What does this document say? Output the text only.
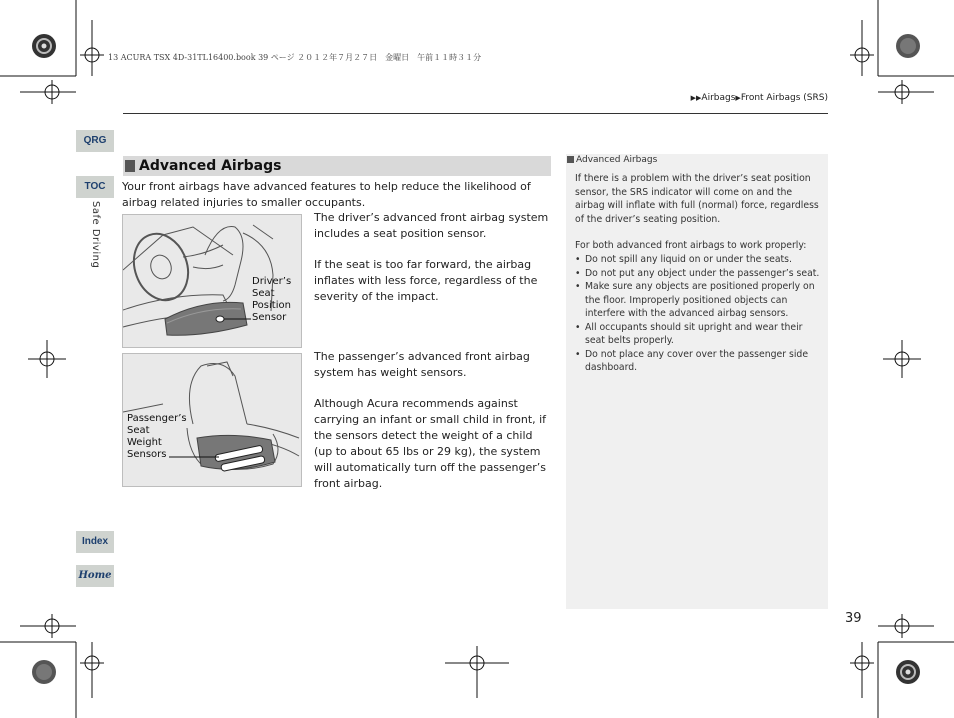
13 ACURA TSX 4D-31TL16400.book 39 ページ ２０１２年７月２７日　金曜日　午前１１時３１分
▶▶Airbags▶Front Airbags (SRS)
QRG
TOC
Safe Driving
Index
Home
Advanced Airbags
Your front airbags have advanced features to help reduce the likelihood of airbag related injuries to smaller occupants.
Driver’s
Seat
Position
Sensor
The driver’s advanced front airbag system includes a seat position sensor.
If the seat is too far forward, the airbag inflates with less force, regardless of the severity of the impact.
Passenger’s
Seat
Weight
Sensors
The passenger’s advanced front airbag system has weight sensors.
Although Acura recommends against carrying an infant or small child in front, if the sensors detect the weight of a child (up to about 65 lbs or 29 kg), the system will automatically turn off the passenger’s front airbag.
Advanced Airbags
If there is a problem with the driver’s seat position sensor, the SRS indicator will come on and the airbag will inflate with full (normal) force, regardless of the driver’s seating position.
For both advanced front airbags to work properly:
• Do not spill any liquid on or under the seats.
• Do not put any object under the passenger’s seat.
• Make sure any objects are positioned properly on the floor. Improperly positioned objects can interfere with the advanced airbag sensors.
• All occupants should sit upright and wear their seat belts properly.
• Do not place any cover over the passenger side dashboard.
39
